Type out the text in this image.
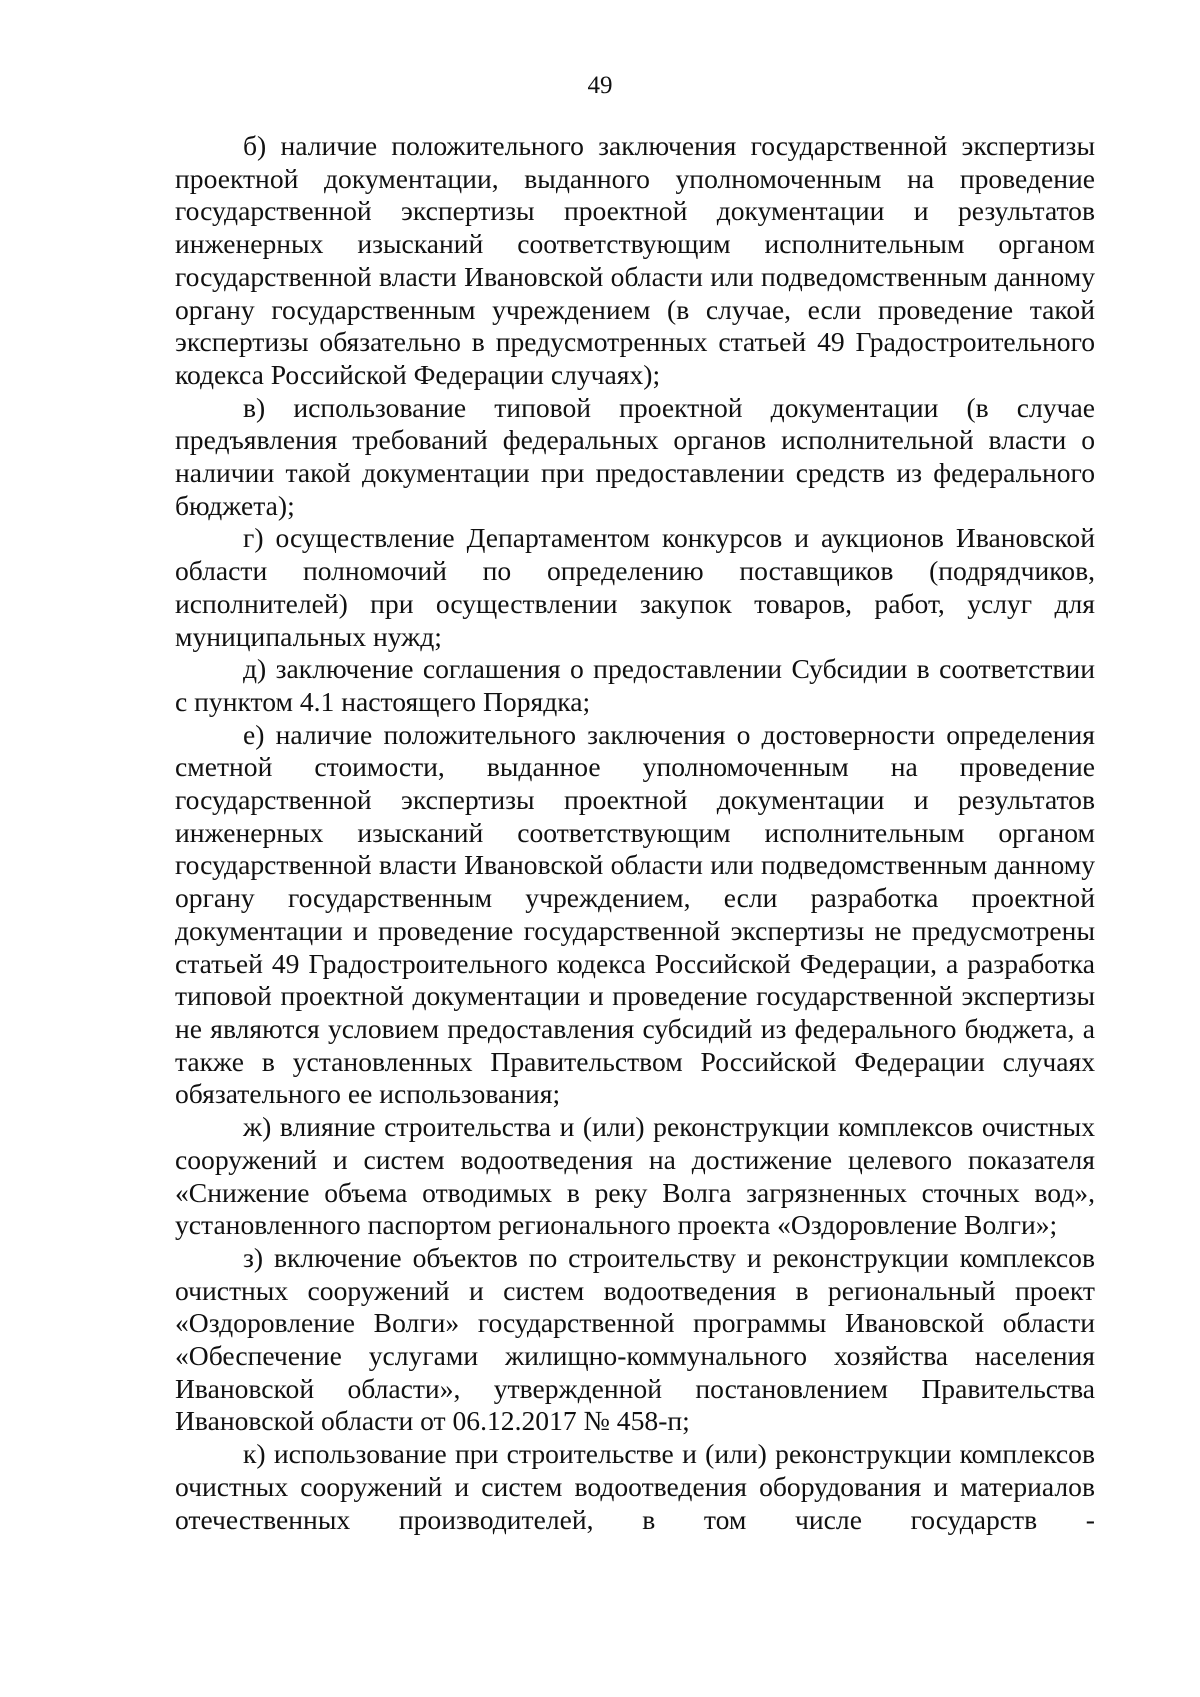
49

б) наличие положительного заключения государственной экспертизы проектной документации, выданного уполномоченным на проведение государственной экспертизы проектной документации и результатов инженерных изысканий соответствующим исполнительным органом государственной власти Ивановской области или подведомственным данному органу государственным учреждением (в случае, если проведение такой экспертизы обязательно в предусмотренных статьей 49 Градостроительного кодекса Российской Федерации случаях);

в) использование типовой проектной документации (в случае предъявления требований федеральных органов исполнительной власти о наличии такой документации при предоставлении средств из федерального бюджета);

г) осуществление Департаментом конкурсов и аукционов Ивановской области полномочий по определению поставщиков (подрядчиков, исполнителей) при осуществлении закупок товаров, работ, услуг для муниципальных нужд;

д) заключение соглашения о предоставлении Субсидии в соответствии с пунктом 4.1 настоящего Порядка;

е) наличие положительного заключения о достоверности определения сметной стоимости, выданное уполномоченным на проведение государственной экспертизы проектной документации и результатов инженерных изысканий соответствующим исполнительным органом государственной власти Ивановской области или подведомственным данному органу государственным учреждением, если разработка проектной документации и проведение государственной экспертизы не предусмотрены статьей 49 Градостроительного кодекса Российской Федерации, а разработка типовой проектной документации и проведение государственной экспертизы не являются условием предоставления субсидий из федерального бюджета, а также в установленных Правительством Российской Федерации случаях обязательного ее использования;

ж) влияние строительства и (или) реконструкции комплексов очистных сооружений и систем водоотведения на достижение целевого показателя «Снижение объема отводимых в реку Волга загрязненных сточных вод», установленного паспортом регионального проекта «Оздоровление Волги»;

з) включение объектов по строительству и реконструкции комплексов очистных сооружений и систем водоотведения в региональный проект «Оздоровление Волги» государственной программы Ивановской области «Обеспечение услугами жилищно-коммунального хозяйства населения Ивановской области», утвержденной постановлением Правительства Ивановской области от 06.12.2017 № 458-п;

к) использование при строительстве и (или) реконструкции комплексов очистных сооружений и систем водоотведения оборудования и материалов отечественных производителей, в том числе государств -
